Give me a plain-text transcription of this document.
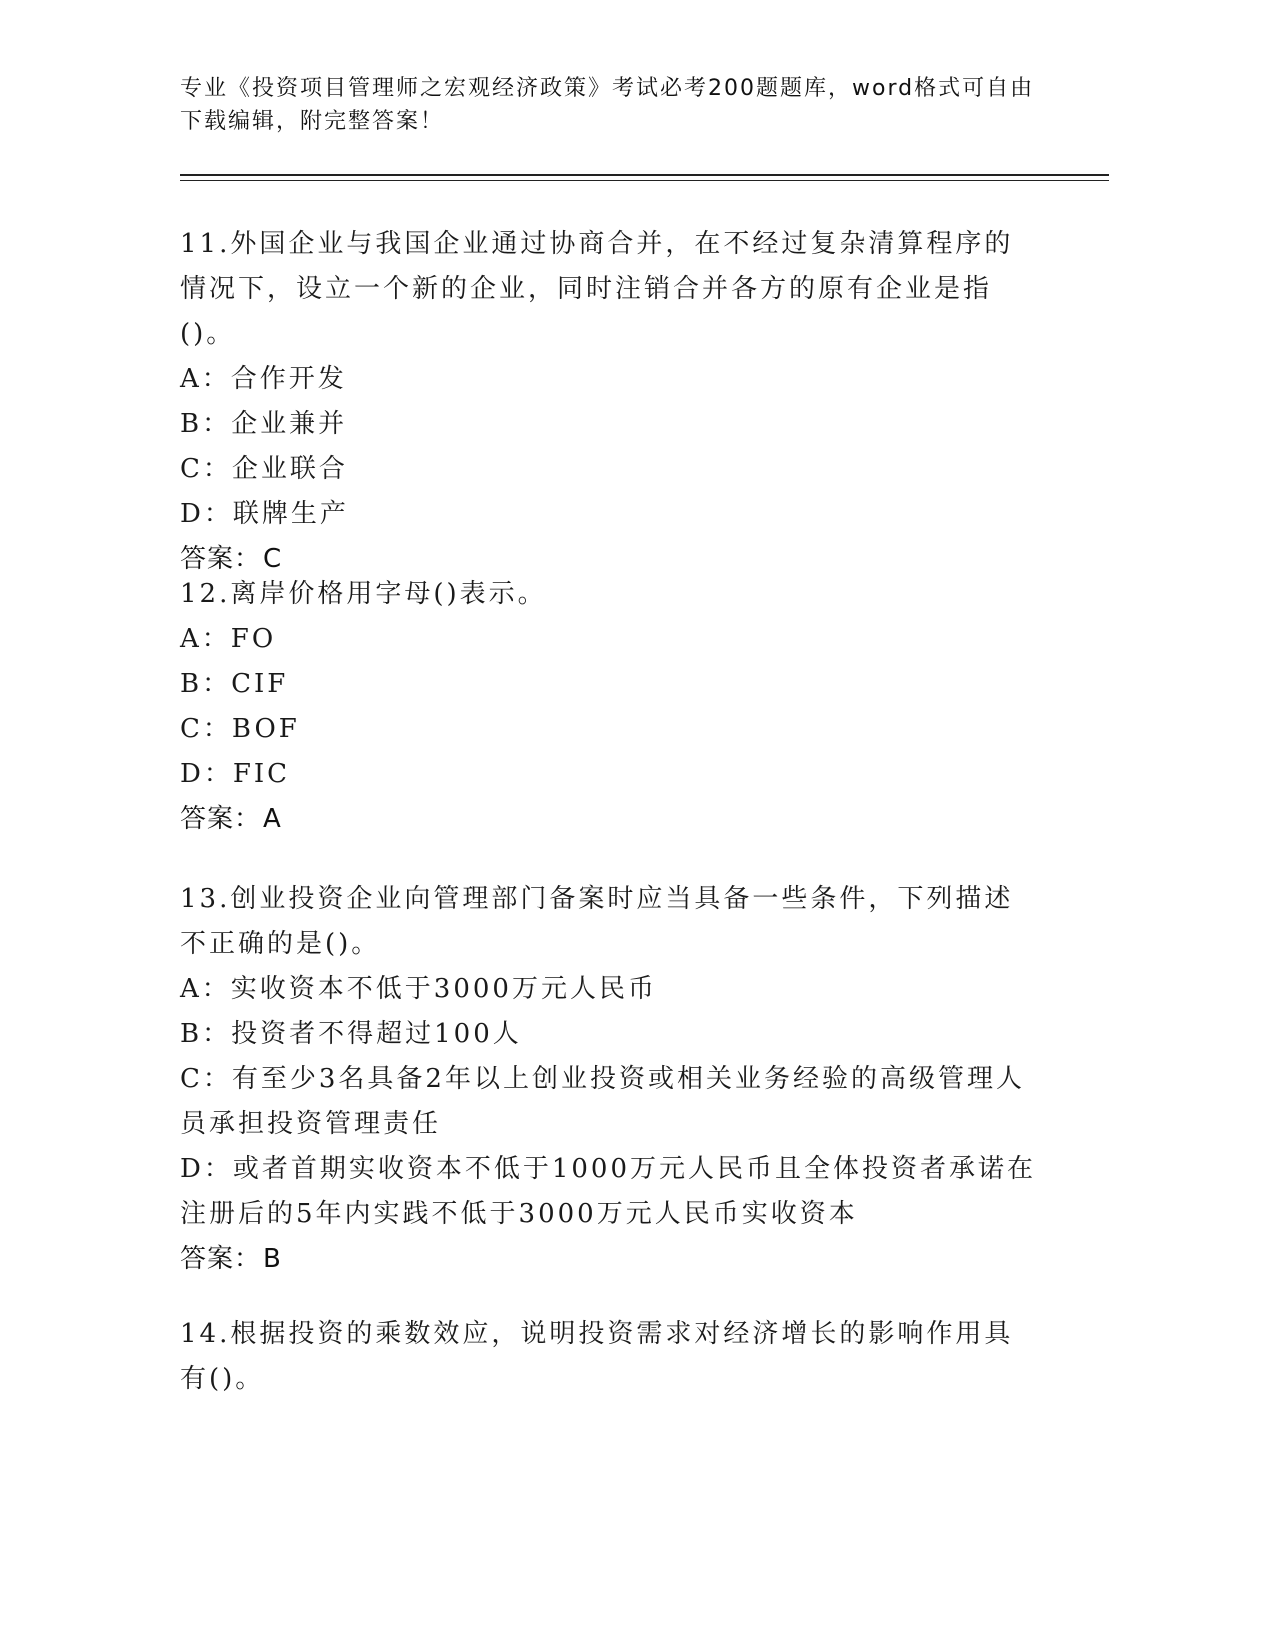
专业《投资项目管理师之宏观经济政策》考试必考200题题库，word格式可自由下载编辑，附完整答案！
11.外国企业与我国企业通过协商合并，在不经过复杂清算程序的情况下，设立一个新的企业，同时注销合并各方的原有企业是指()。
A：合作开发
B：企业兼并
C：企业联合
D：联牌生产
答案：C
12.离岸价格用字母()表示。
A：FO
B：CIF
C：BOF
D：FIC
答案：A
13.创业投资企业向管理部门备案时应当具备一些条件，下列描述不正确的是()。
A：实收资本不低于3000万元人民币
B：投资者不得超过100人
C：有至少3名具备2年以上创业投资或相关业务经验的高级管理人员承担投资管理责任
D：或者首期实收资本不低于1000万元人民币且全体投资者承诺在注册后的5年内实践不低于3000万元人民币实收资本
答案：B
14.根据投资的乘数效应，说明投资需求对经济增长的影响作用具有()。
